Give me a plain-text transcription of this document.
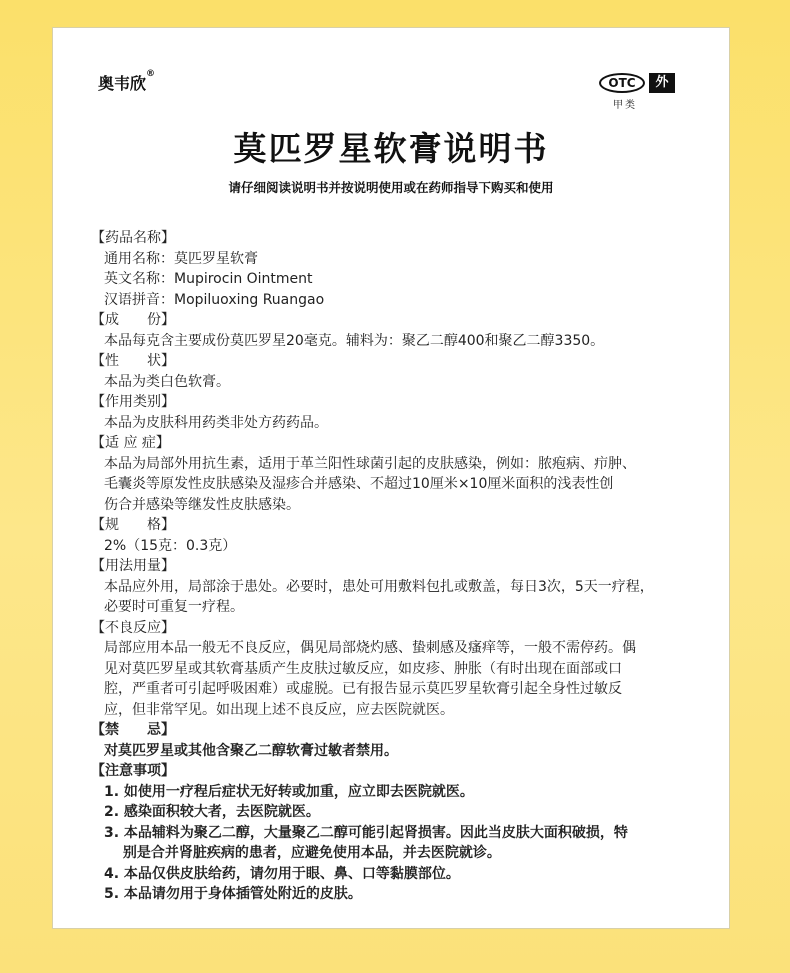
奥韦欣®
OTC	外
甲类
莫匹罗星软膏说明书
请仔细阅读说明书并按说明使用或在药师指导下购买和使用

【药品名称】

通用名称：莫匹罗星软膏

英文名称：Mupirocin Ointment

汉语拼音：Mopiluoxing Ruangao

【成　　份】

本品每克含主要成份莫匹罗星20毫克。辅料为：聚乙二醇400和聚乙二醇3350。

【性　　状】

本品为类白色软膏。

【作用类别】

本品为皮肤科用药类非处方药药品。

【适 应 症】

本品为局部外用抗生素，适用于革兰阳性球菌引起的皮肤感染，例如：脓疱病、疖肿、

毛囊炎等原发性皮肤感染及湿疹合并感染、不超过10厘米×10厘米面积的浅表性创

伤合并感染等继发性皮肤感染。

【规　　格】

2%（15克：0.3克）

【用法用量】

本品应外用，局部涂于患处。必要时，患处可用敷料包扎或敷盖，每日3次，5天一疗程，

必要时可重复一疗程。

【不良反应】

局部应用本品一般无不良反应，偶见局部烧灼感、蛰刺感及瘙痒等，一般不需停药。偶

见对莫匹罗星或其软膏基质产生皮肤过敏反应，如皮疹、肿胀（有时出现在面部或口

腔，严重者可引起呼吸困难）或虚脱。已有报告显示莫匹罗星软膏引起全身性过敏反

应，但非常罕见。如出现上述不良反应，应去医院就医。

【禁　　忌】

对莫匹罗星或其他含聚乙二醇软膏过敏者禁用。

【注意事项】

1. 如使用一疗程后症状无好转或加重，应立即去医院就医。

2. 感染面积较大者，去医院就医。

3. 本品辅料为聚乙二醇，大量聚乙二醇可能引起肾损害。因此当皮肤大面积破损，特

　 别是合并肾脏疾病的患者，应避免使用本品，并去医院就诊。

4. 本品仅供皮肤给药，请勿用于眼、鼻、口等黏膜部位。

5. 本品请勿用于身体插管处附近的皮肤。
